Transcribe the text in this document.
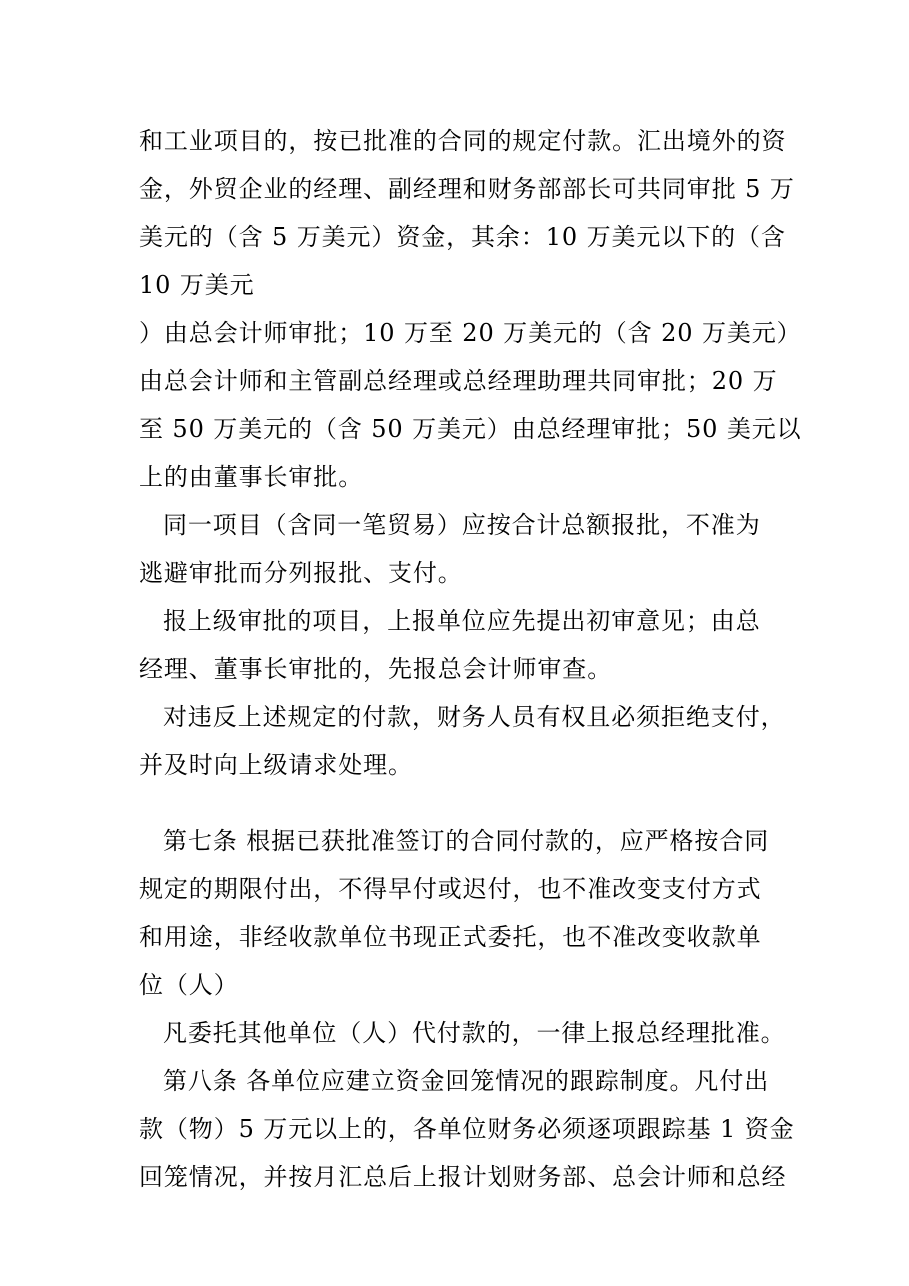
和工业项目的，按已批准的合同的规定付款。汇出境外的资
金，外贸企业的经理、副经理和财务部部长可共同审批 5 万
美元的（含 5 万美元）资金，其余：10 万美元以下的（含
10 万美元
）由总会计师审批；10 万至 20 万美元的（含 20 万美元）
由总会计师和主管副总经理或总经理助理共同审批；20 万
至 50 万美元的（含 50 万美元）由总经理审批；50 美元以
上的由董事长审批。
同一项目（含同一笔贸易）应按合计总额报批，不准为
逃避审批而分列报批、支付。
报上级审批的项目，上报单位应先提出初审意见；由总
经理、董事长审批的，先报总会计师审查。
对违反上述规定的付款，财务人员有权且必须拒绝支付，
并及时向上级请求处理。
第七条 根据已获批准签订的合同付款的，应严格按合同
规定的期限付出，不得早付或迟付，也不准改变支付方式
和用途，非经收款单位书现正式委托，也不准改变收款单
位（人）
凡委托其他单位（人）代付款的，一律上报总经理批准。
第八条 各单位应建立资金回笼情况的跟踪制度。凡付出
款（物）5 万元以上的，各单位财务必须逐项跟踪基 1 资金
回笼情况，并按月汇总后上报计划财务部、总会计师和总经
